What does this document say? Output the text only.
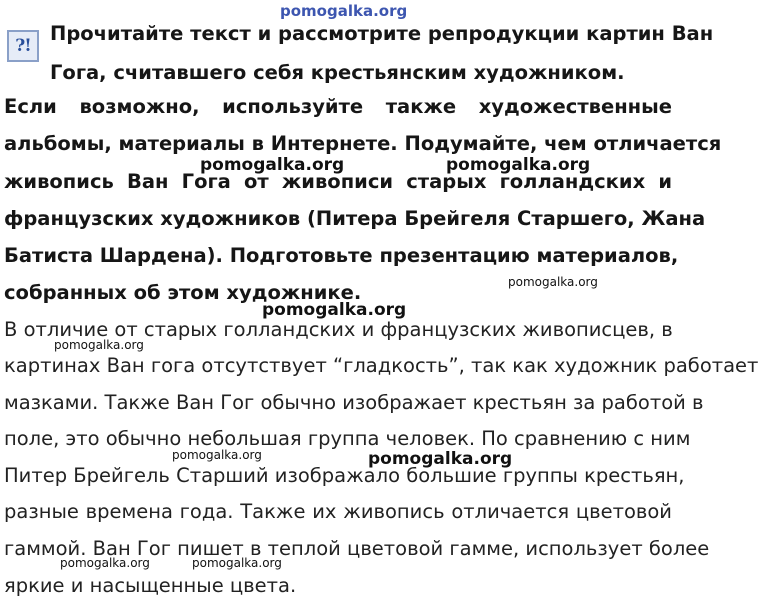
pomogalka.org
?!
Прочитайте текст и рассмотрите репродукции картин Ван
Гога, считавшего себя крестьянским художником.
Если возможно, используйте также художественные
альбомы, материалы в Интернете. Подумайте, чем отличается
живопись Ван Гога от живописи старых голландских и
французских художников (Питера Брейгеля Старшего, Жана
Батиста Шардена). Подготовьте презентацию материалов,
собранных об этом художнике.
В отличие от старых голландских и французских живописцев, в
картинах Ван гога отсутствует “гладкость”, так как художник работает
мазками. Также Ван Гог обычно изображает крестьян за работой в
поле, это обычно небольшая группа человек. По сравнению с ним
Питер Брейгель Старший изображало большие группы крестьян,
разные времена года. Также их живопись отличается цветовой
гаммой. Ван Гог пишет в теплой цветовой гамме, использует более
яркие и насыщенные цвета.
pomogalka.org	pomogalka.org
pomogalka.org
pomogalka.org
pomogalka.org
pomogalka.org	pomogalka.org
pomogalka.org	pomogalka.org
